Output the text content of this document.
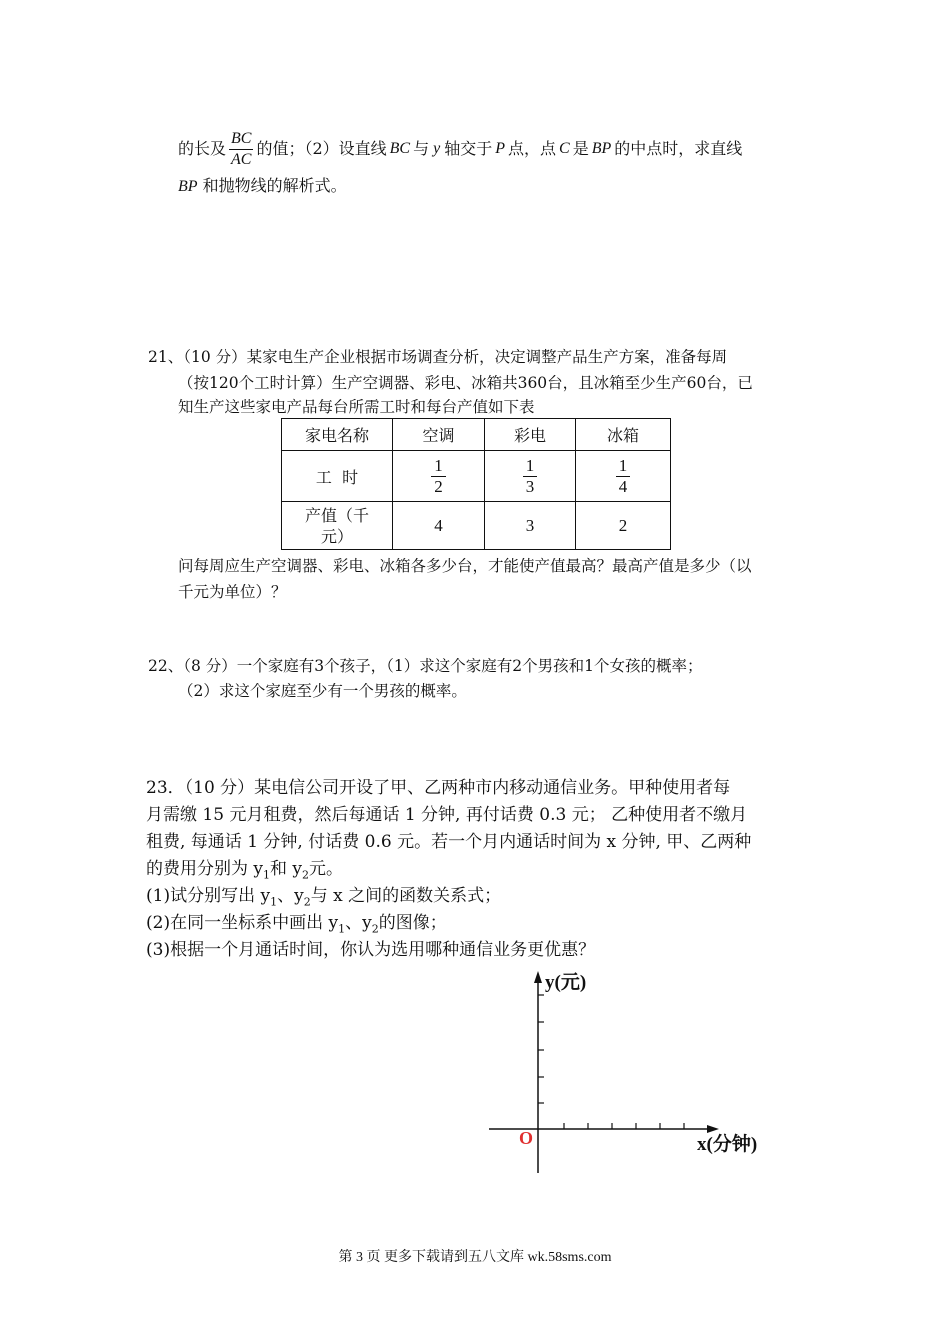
的长及 $\frac{BC}{AC}$ 的值；（2）设直线 BC 与 y 轴交于 P 点，点 C 是 BP 的中点时，求直线
BP 和抛物线的解析式。
21、（10 分）某家电生产企业根据市场调查分析，决定调整产品生产方案，准备每周
（按120个工时计算）生产空调器、彩电、冰箱共360台，且冰箱至少生产60台，已
知生产这些家电产品每台所需工时和每台产值如下表
家电名称	空调	彩电	冰箱
工  时	$\frac{1}{2}$	$\frac{1}{3}$	$\frac{1}{4}$

产值（千
元）	4	3	2
问每周应生产空调器、彩电、冰箱各多少台，才能使产值最高？最高产值是多少（以
千元为单位）？
22、（8 分）一个家庭有3个孩子，（1）求这个家庭有2个男孩和1个女孩的概率；
（2）求这个家庭至少有一个男孩的概率。
23．（10 分）某电信公司开设了甲、乙两种市内移动通信业务。甲种使用者每
月需缴 15 元月租费，然后每通话 1 分钟, 再付话费 0.3 元； 乙种使用者不缴月
租费, 每通话 1 分钟, 付话费 0.6 元。若一个月内通话时间为 x 分钟, 甲、乙两种
的费用分别为 $y_1$和 $y_2$元。
(1)试分别写出 $y_1$、$y_2$与 x 之间的函数关系式；
(2)在同一坐标系中画出 $y_1$、$y_2$的图像；
(3)根据一个月通话时间，你认为选用哪种通信业务更优惠？
y(元)
x(分钟)
O
第 3 页 更多下载请到五八文库 wk.58sms.com
